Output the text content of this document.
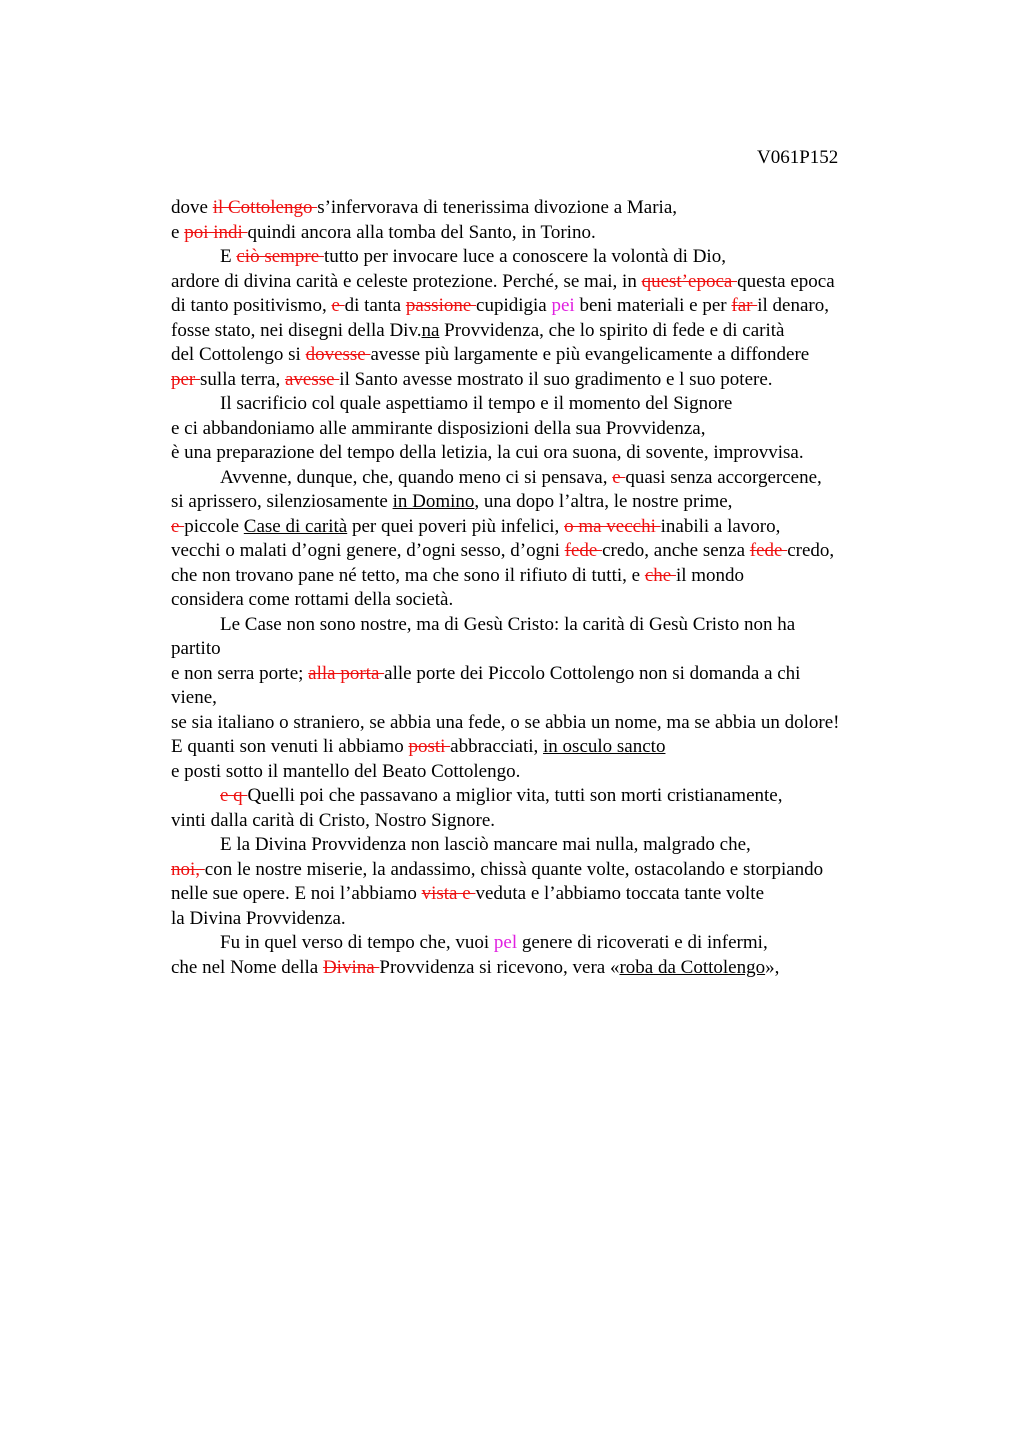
V061P152

dove il Cottolengo s’infervorava di tenerissima divozione a Maria,
e poi indi quindi ancora alla tomba del Santo, in Torino.
E ciò sempre tutto per invocare luce a conoscere la volontà di Dio,
ardore di divina carità e celeste protezione. Perché, se mai, in quest’epoca questa epoca
di tanto positivismo, e di tanta passione cupidigia pei beni materiali e per far il denaro,
fosse stato, nei disegni della Div.na Provvidenza, che lo spirito di fede e di carità
del Cottolengo si dovesse avesse più largamente e più evangelicamente a diffondere
per sulla terra, avesse il Santo avesse mostrato il suo gradimento e l suo potere.
Il sacrificio col quale aspettiamo il tempo e il momento del Signore
e ci abbandoniamo alle ammirante disposizioni della sua Provvidenza,
è una preparazione del tempo della letizia, la cui ora suona, di sovente, improvvisa.
Avvenne, dunque, che, quando meno ci si pensava, e quasi senza accorgercene,
si aprissero, silenziosamente in Domino, una dopo l’altra, le nostre prime,
e piccole Case di carità per quei poveri più infelici, o ma vecchi inabili a lavoro,
vecchi o malati d’ogni genere, d’ogni sesso, d’ogni fede credo, anche senza fede credo,
che non trovano pane né tetto, ma che sono il rifiuto di tutti, e che il mondo
considera come rottami della società.
Le Case non sono nostre, ma di Gesù Cristo: la carità di Gesù Cristo non ha
partito
e non serra porte; alla porta alle porte dei Piccolo Cottolengo non si domanda a chi
viene,
se sia italiano o straniero, se abbia una fede, o se abbia un nome, ma se abbia un dolore!
E quanti son venuti li abbiamo posti abbracciati, in osculo sancto
e posti sotto il mantello del Beato Cottolengo.
e q Quelli poi che passavano a miglior vita, tutti son morti cristianamente,
vinti dalla carità di Cristo, Nostro Signore.
E la Divina Provvidenza non lasciò mancare mai nulla, malgrado che,
noi, con le nostre miserie, la andassimo, chissà quante volte, ostacolando e storpiando
nelle sue opere. E noi l’abbiamo vista e veduta e l’abbiamo toccata tante volte
la Divina Provvidenza.
Fu in quel verso di tempo che, vuoi pel genere di ricoverati e di infermi,
che nel Nome della Divina Provvidenza si ricevono, vera «roba da Cottolengo»,
